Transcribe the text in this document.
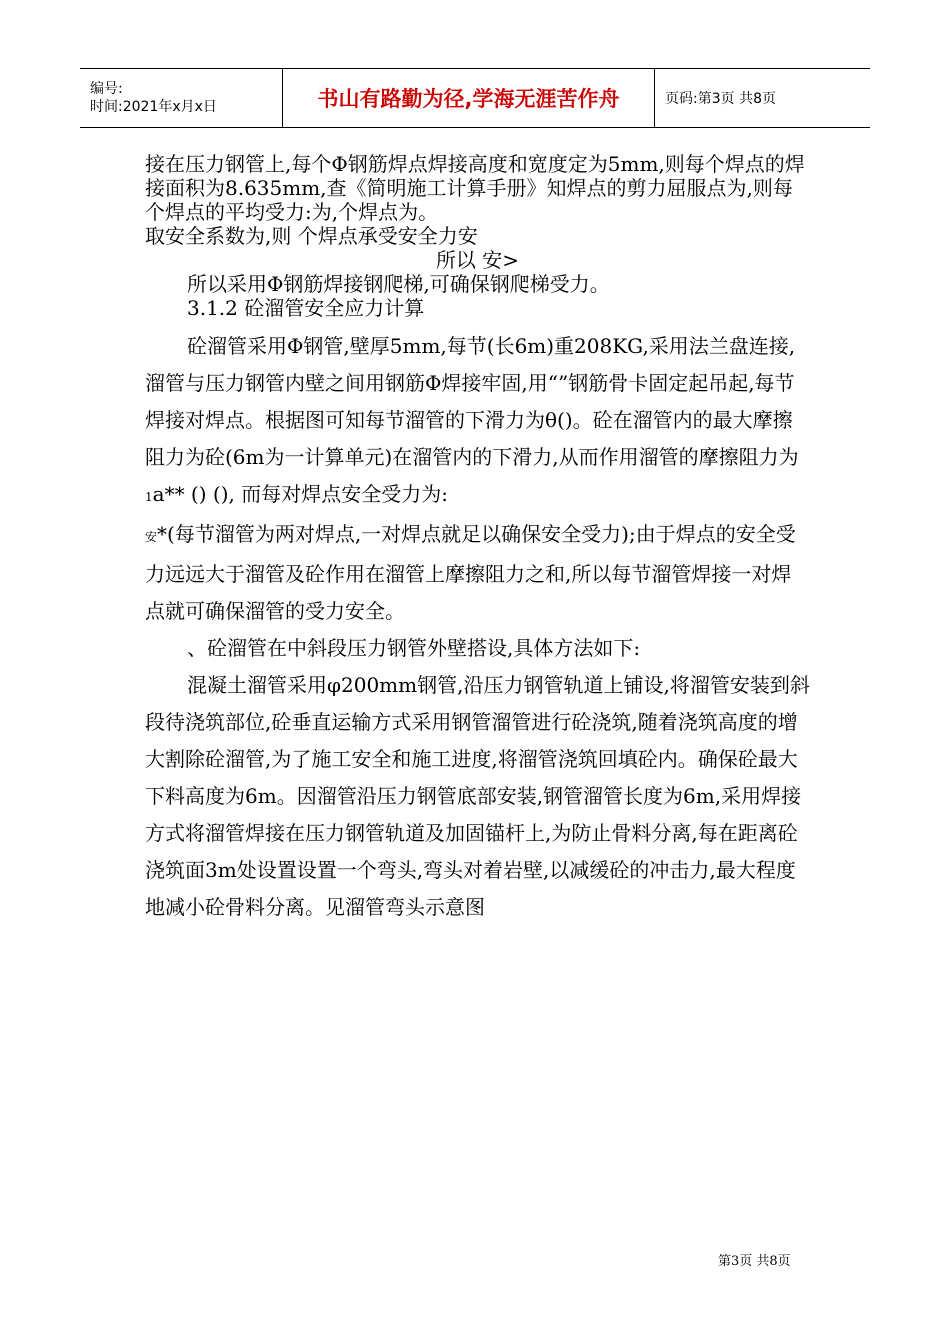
编号:
时间:2021年x月x日	书山有路勤为径,学海无涯苦作舟	页码:第3页 共8页

接在压力钢管上,每个Φ钢筋焊点焊接高度和宽度定为5mm,则每个焊点的焊接面积为8.635mm,查《简明施工计算手册》知焊点的剪力屈服点为,则每个焊点的平均受力:为,个焊点为。

取安全系数为,则 个焊点承受安全力安

所以 安>

所以采用Φ钢筋焊接钢爬梯,可确保钢爬梯受力。

3.1.2 砼溜管安全应力计算

砼溜管采用Φ钢管,壁厚5mm,每节(长6m)重208KG,采用法兰盘连接,溜管与压力钢管内壁之间用钢筋Φ焊接牢固,用“”钢筋骨卡固定起吊起,每节焊接对焊点。根据图可知每节溜管的下滑力为θ()。砼在溜管内的最大摩擦阻力为砼(6m为一计算单元)在溜管内的下滑力,从而作用溜管的摩擦阻力为1a** () (), 而每对焊点安全受力为:

安*(每节溜管为两对焊点,一对焊点就足以确保安全受力);由于焊点的安全受力远远大于溜管及砼作用在溜管上摩擦阻力之和,所以每节溜管焊接一对焊点就可确保溜管的受力安全。

、砼溜管在中斜段压力钢管外壁搭设,具体方法如下:

混凝土溜管采用φ200mm钢管,沿压力钢管轨道上铺设,将溜管安装到斜段待浇筑部位,砼垂直运输方式采用钢管溜管进行砼浇筑,随着浇筑高度的增大割除砼溜管,为了施工安全和施工进度,将溜管浇筑回填砼内。确保砼最大下料高度为6m。因溜管沿压力钢管底部安装,钢管溜管长度为6m,采用焊接方式将溜管焊接在压力钢管轨道及加固锚杆上,为防止骨料分离,每在距离砼浇筑面3m处设置设置一个弯头,弯头对着岩壁,以减缓砼的冲击力,最大程度地减小砼骨料分离。见溜管弯头示意图

第3页 共8页
